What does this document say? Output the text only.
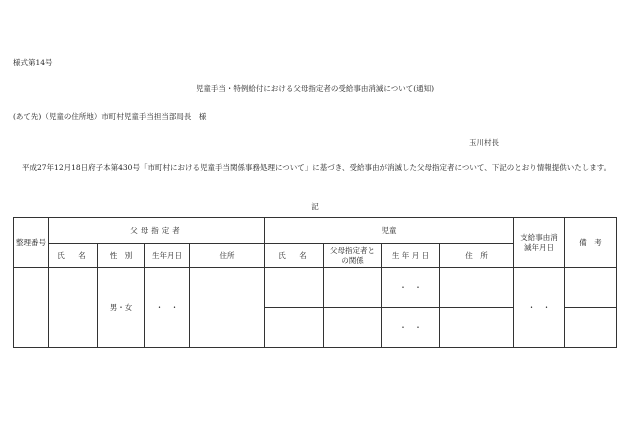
様式第14号
児童手当・特例給付における父母指定者の受給事由消滅について(通知)
(あて先)（児童の住所地）市町村児童手当担当部局長　様
玉川村長
平成27年12月18日府子本第430号「市町村における児童手当関係事務処理について」に基づき、受給事由が消滅した父母指定者について、下記のとおり情報提供いたします。
記
整理番号	父母指定者				児童				支給事由消滅年月日	備　考
	氏　名	性　別	生年月日	住所	氏　名	父母指定者との関係	生 年 月 日	住　所		
		男・女	・　・				・　・		・　・	
							・　・			
